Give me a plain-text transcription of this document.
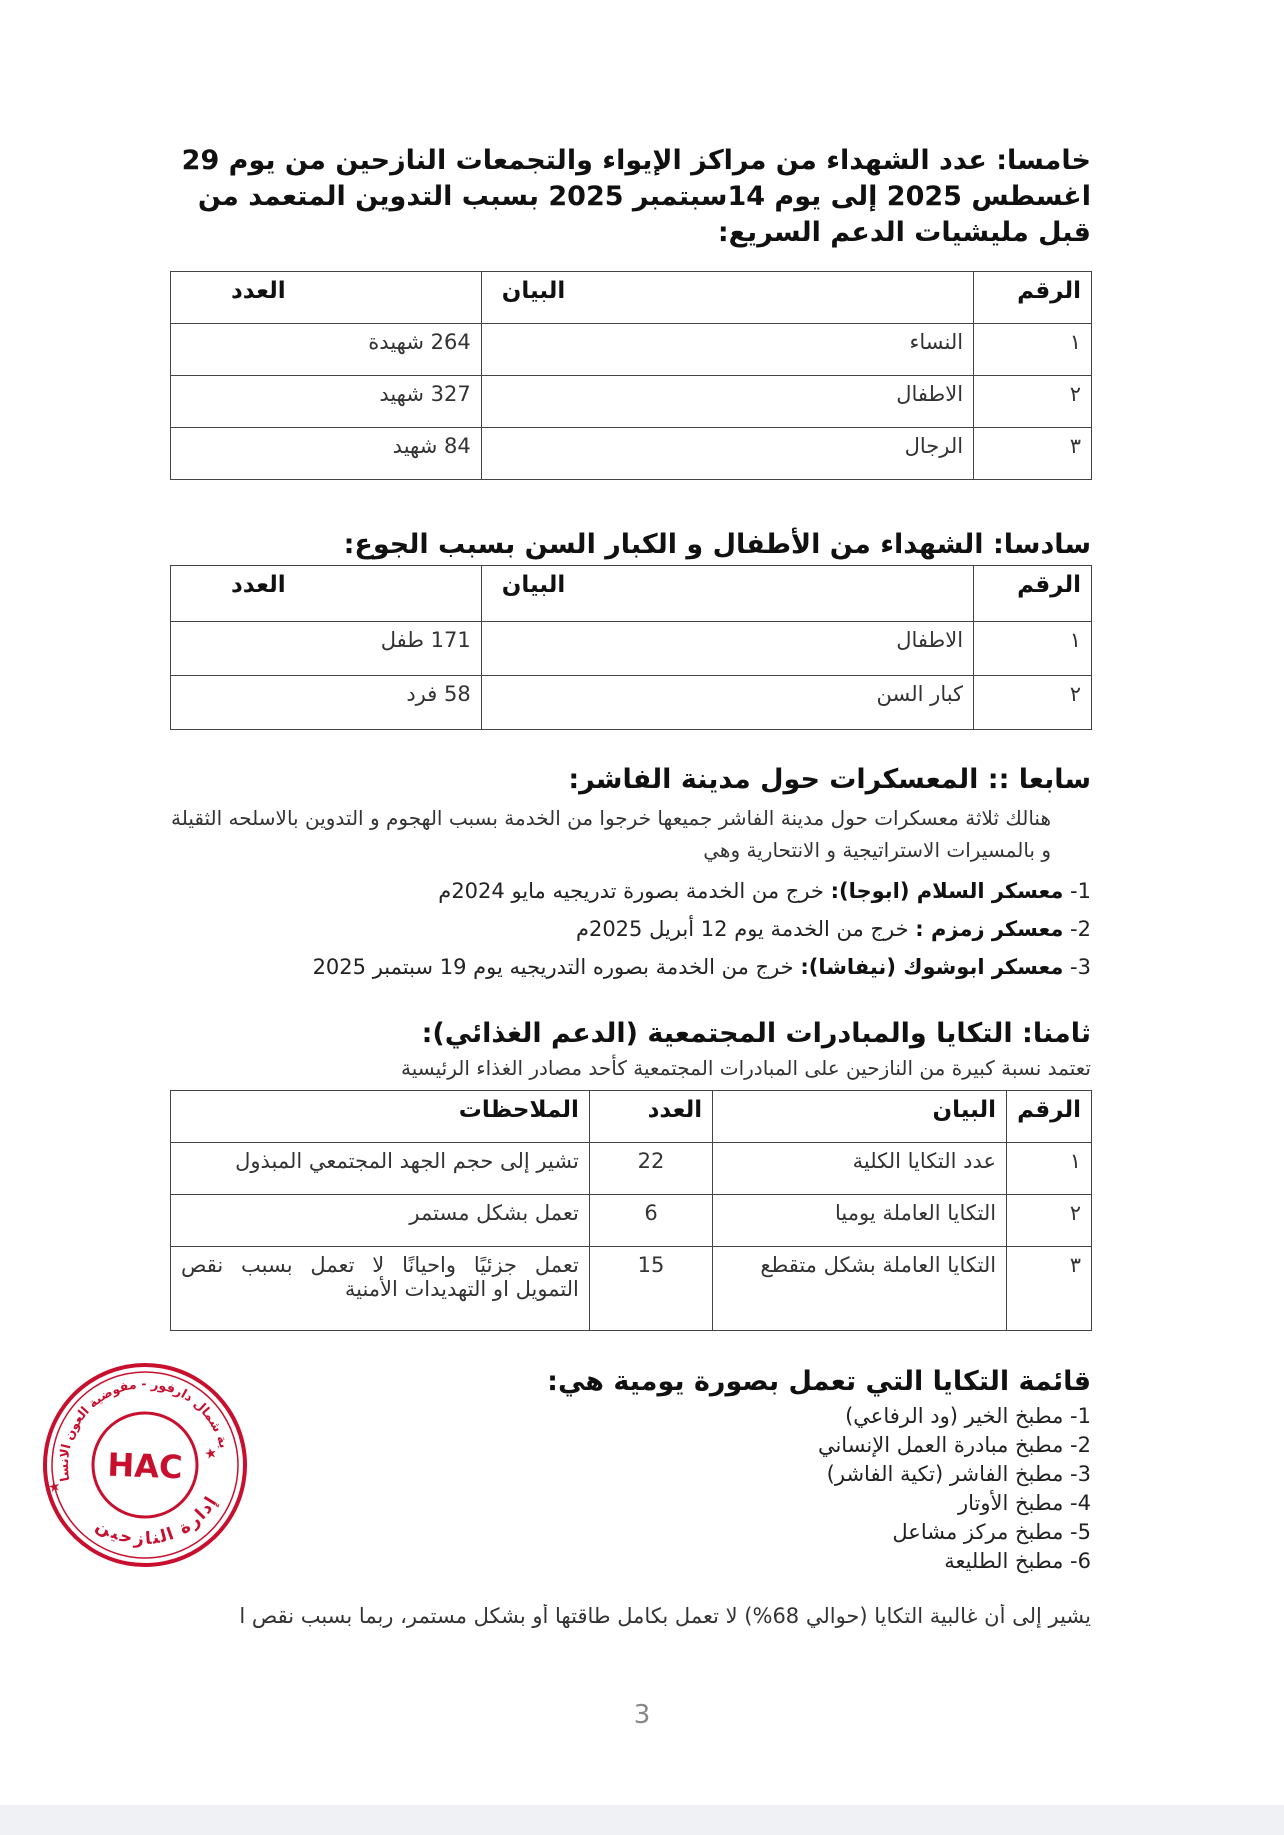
خامسا: عدد الشهداء من مراكز الإيواء والتجمعات النازحين من يوم 29 اغسطس 2025 إلى يوم 14سبتمبر 2025 بسبب التدوين المتعمد من قبل مليشيات الدعم السريع:
الرقم	البيان	العدد
١	النساء	264 شهيدة
٢	الاطفال	327 شهيد
٣	الرجال	84 شهيد
سادسا: الشهداء من الأطفال و الكبار السن بسبب الجوع:
الرقم	البيان	العدد
١	الاطفال	171 طفل
٢	كبار السن	58 فرد
سابعا :: المعسكرات حول مدينة الفاشر:

هنالك ثلاثة معسكرات حول مدينة الفاشر جميعها خرجوا من الخدمة بسبب الهجوم و التدوين بالاسلحه الثقيلة و بالمسيرات الاستراتيجية و الانتحارية وهي

1- معسكر السلام (ابوجا): خرج من الخدمة بصورة تدريجيه مايو 2024م
2- معسكر زمزم : خرج من الخدمة يوم 12 أبريل 2025م
3- معسكر ابوشوك (نيفاشا): خرج من الخدمة بصوره التدريجيه يوم 19 سبتمبر 2025
ثامنا: التكايا والمبادرات المجتمعية (الدعم الغذائي):

تعتمد نسبة كبيرة من النازحين على المبادرات المجتمعية كأحد مصادر الغذاء الرئيسية

الرقم	البيان	العدد	الملاحظات
١	عدد التكايا الكلية	22	تشير إلى حجم الجهد المجتمعي المبذول
٢	التكايا العاملة يوميا	6	تعمل بشكل مستمر
٣	التكايا العاملة بشكل متقطع	15	تعمل جزئيًا واحيانًا لا تعمل بسبب نقص التمويل او التهديدات الأمنية
قائمة التكايا التي تعمل بصورة يومية هي:
1- مطبخ الخير (ود الرفاعي)
2- مطبخ مبادرة العمل الإنساني
3- مطبخ الفاشر (تكية الفاشر)
4- مطبخ الأوتار
5- مطبخ مركز مشاعل
6- مطبخ الطليعة
HAC
ولاية شمال دارفور - مفوضية العون الانساني
إدارة النازحين
★
★
يشير إلى أن غالبية التكايا (حوالي 68%) لا تعمل بكامل طاقتها أو بشكل مستمر، ربما بسبب نقص ا
3
